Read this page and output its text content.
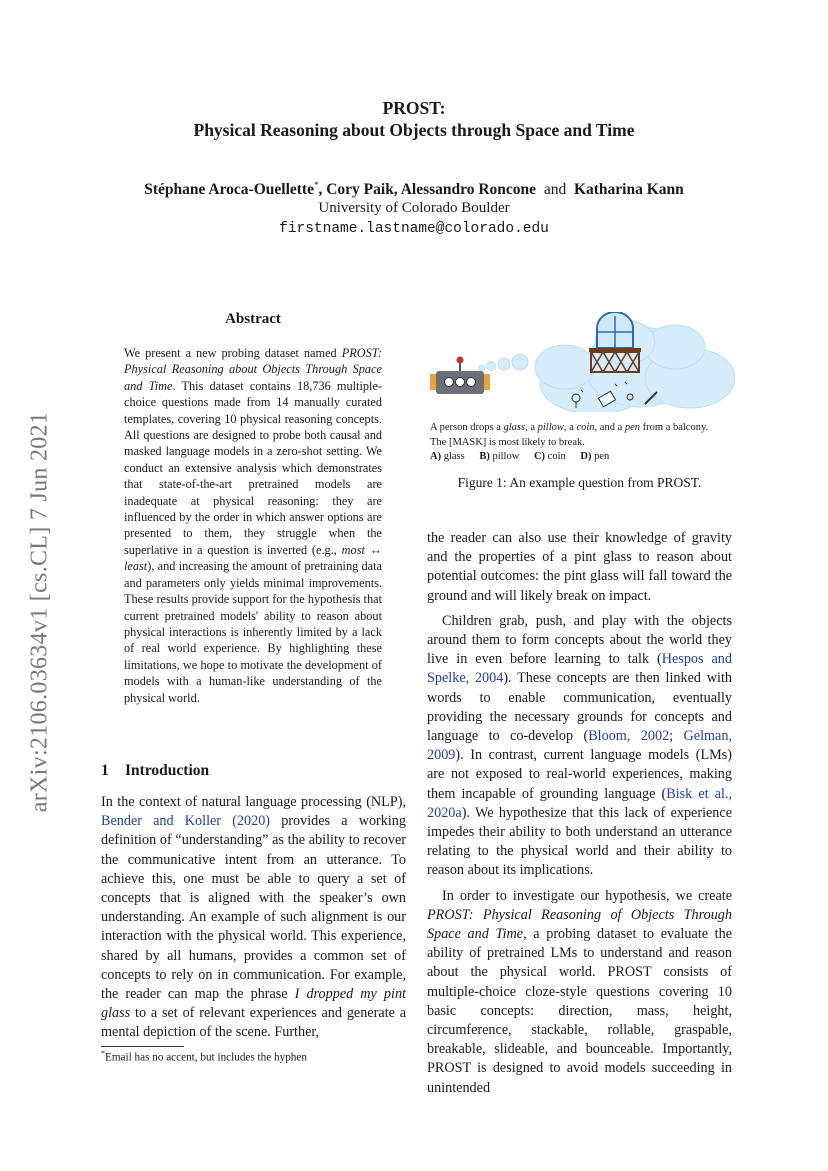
arXiv:2106.03634v1 [cs.CL] 7 Jun 2021
PROST:
Physical Reasoning about Objects through Space and Time
Stéphane Aroca-Ouellette*, Cory Paik, Alessandro Roncone and Katharina Kann
University of Colorado Boulder
firstname.lastname@colorado.edu
Abstract
We present a new probing dataset named PROST: Physical Reasoning about Objects Through Space and Time. This dataset contains 18,736 multiple-choice questions made from 14 manually curated templates, covering 10 physical reasoning concepts. All questions are designed to probe both causal and masked language models in a zero-shot setting. We conduct an extensive analysis which demonstrates that state-of-the-art pretrained models are inadequate at physical reasoning: they are influenced by the order in which answer options are presented to them, they struggle when the superlative in a question is inverted (e.g., most ↔ least), and increasing the amount of pretraining data and parameters only yields minimal improvements. These results provide support for the hypothesis that current pretrained models' ability to reason about physical interactions is inherently limited by a lack of real world experience. By highlighting these limitations, we hope to motivate the development of models with a human-like understanding of the physical world.
1 Introduction

In the context of natural language processing (NLP), Bender and Koller (2020) provides a working definition of “understanding” as the ability to recover the communicative intent from an utterance. To achieve this, one must be able to query a set of concepts that is aligned with the speaker’s own understanding. An example of such alignment is our interaction with the physical world. This experience, shared by all humans, provides a common set of concepts to rely on in communication. For example, the reader can map the phrase I dropped my pint glass to a set of relevant experiences and generate a mental depiction of the scene. Further,

*Email has no accent, but includes the hyphen
A person drops a glass, a pillow, a coin, and a pen from a balcony.
The [MASK] is most likely to break.
A) glass B) pillow C) coin D) pen
Figure 1: An example question from PROST.

the reader can also use their knowledge of gravity and the properties of a pint glass to reason about potential outcomes: the pint glass will fall toward the ground and will likely break on impact.

Children grab, push, and play with the objects around them to form concepts about the world they live in even before learning to talk (Hespos and Spelke, 2004). These concepts are then linked with words to enable communication, eventually providing the necessary grounds for concepts and language to co-develop (Bloom, 2002; Gelman, 2009). In contrast, current language models (LMs) are not exposed to real-world experiences, making them incapable of grounding language (Bisk et al., 2020a). We hypothesize that this lack of experience impedes their ability to both understand an utterance relating to the physical world and their ability to reason about its implications.

In order to investigate our hypothesis, we create PROST: Physical Reasoning of Objects Through Space and Time, a probing dataset to evaluate the ability of pretrained LMs to understand and reason about the physical world. PROST consists of multiple-choice cloze-style questions covering 10 basic concepts: direction, mass, height, circumference, stackable, rollable, graspable, breakable, slideable, and bounceable. Importantly, PROST is designed to avoid models succeeding in unintended
